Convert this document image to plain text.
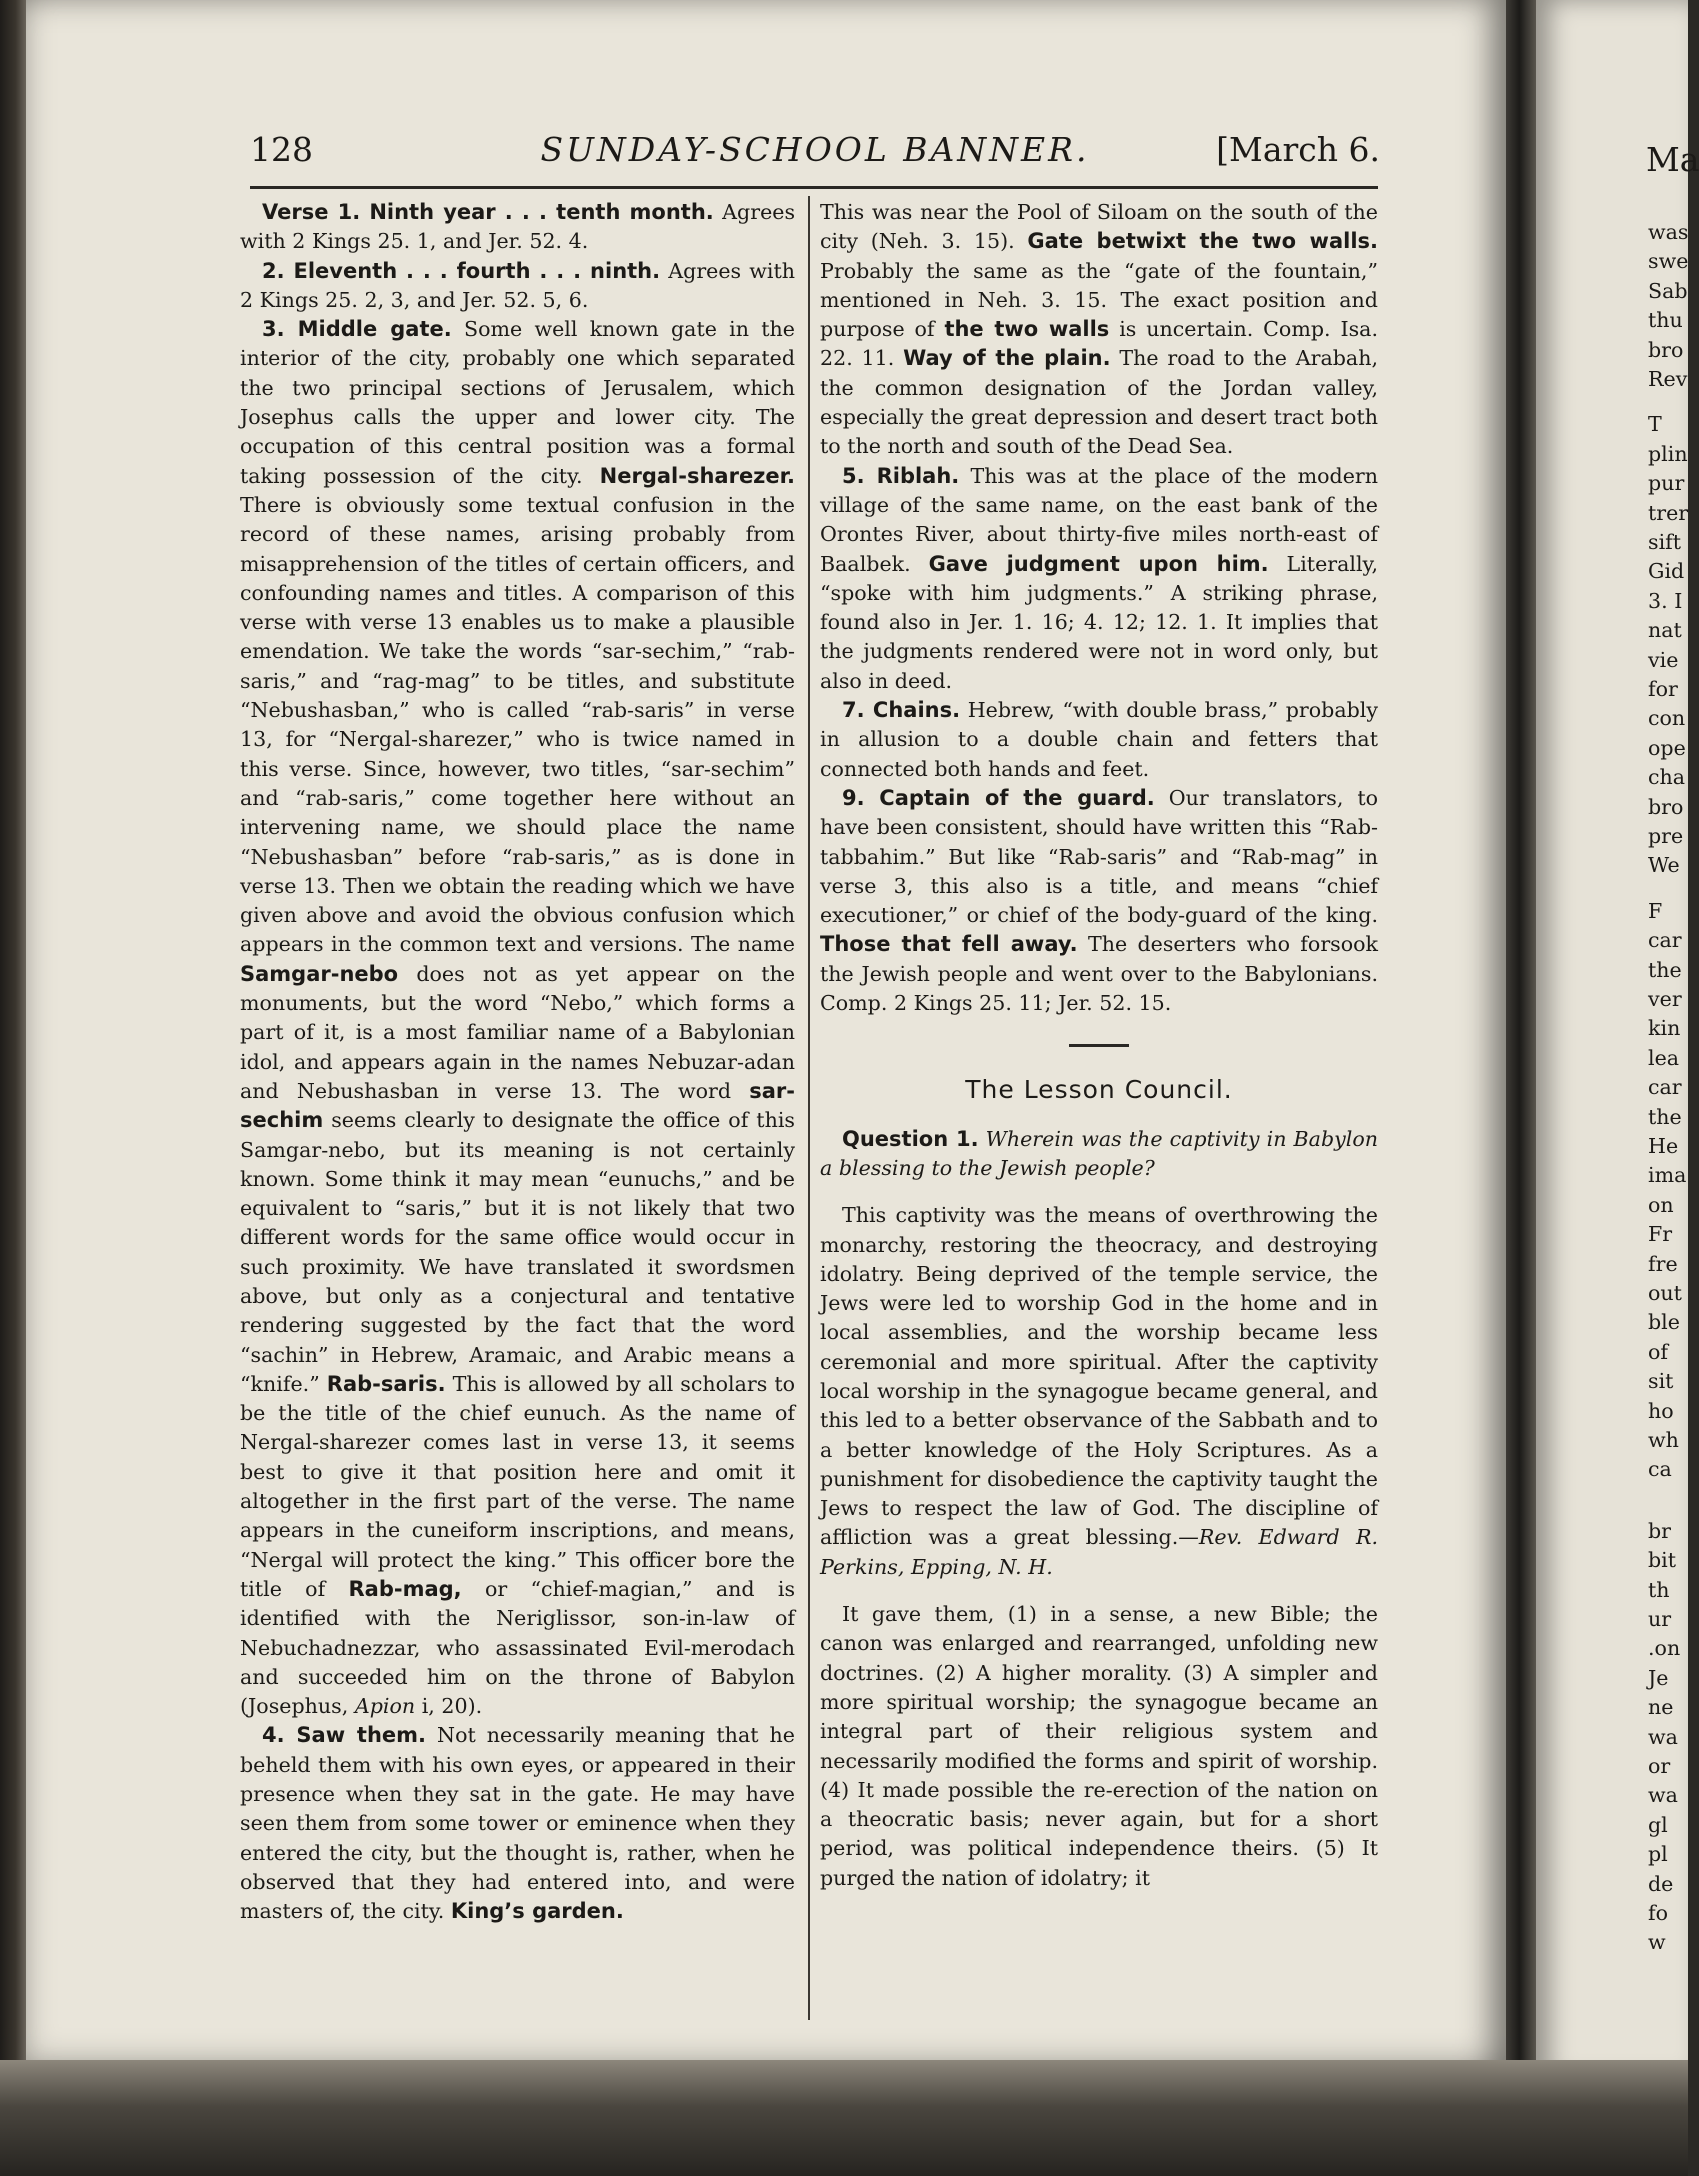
128	SUNDAY-SCHOOL BANNER.	[March 6.

Verse 1. Ninth year . . . tenth month. Agrees with 2 Kings 25. 1, and Jer. 52. 4.

2. Eleventh . . . fourth . . . ninth. Agrees with 2 Kings 25. 2, 3, and Jer. 52. 5, 6.

3. Middle gate. Some well known gate in the interior of the city, probably one which separated the two principal sections of Jerusalem, which Josephus calls the upper and lower city. The occupation of this central position was a formal taking possession of the city. Nergal-sharezer. There is obviously some textual confusion in the record of these names, arising probably from misapprehension of the titles of certain officers, and confounding names and titles. A comparison of this verse with verse 13 enables us to make a plausible emendation. We take the words “sar-sechim,” “rab-saris,” and “rag-mag” to be titles, and substitute “Nebushasban,” who is called “rab-saris” in verse 13, for “Nergal-sharezer,” who is twice named in this verse. Since, however, two titles, “sar-sechim” and “rab-saris,” come together here without an intervening name, we should place the name “Nebushasban” before “rab-saris,” as is done in verse 13. Then we obtain the reading which we have given above and avoid the obvious confusion which appears in the common text and versions. The name Samgar-nebo does not as yet appear on the monuments, but the word “Nebo,” which forms a part of it, is a most familiar name of a Babylonian idol, and appears again in the names Nebuzar-adan and Nebushasban in verse 13. The word sar-sechim seems clearly to designate the office of this Samgar-nebo, but its meaning is not certainly known. Some think it may mean “eunuchs,” and be equivalent to “saris,” but it is not likely that two different words for the same office would occur in such proximity. We have translated it swordsmen above, but only as a conjectural and tentative rendering suggested by the fact that the word “sachin” in Hebrew, Aramaic, and Arabic means a “knife.” Rab-saris. This is allowed by all scholars to be the title of the chief eunuch. As the name of Nergal-sharezer comes last in verse 13, it seems best to give it that position here and omit it altogether in the first part of the verse. The name appears in the cuneiform inscriptions, and means, “Nergal will protect the king.” This officer bore the title of Rab-mag, or “chief-magian,” and is identified with the Neriglissor, son-in-law of Nebuchadnezzar, who assassinated Evil-merodach and succeeded him on the throne of Babylon (Josephus, Apion i, 20).

4. Saw them. Not necessarily meaning that he beheld them with his own eyes, or appeared in their presence when they sat in the gate. He may have seen them from some tower or eminence when they entered the city, but the thought is, rather, when he observed that they had entered into, and were masters of, the city. King’s garden.

This was near the Pool of Siloam on the south of the city (Neh. 3. 15). Gate betwixt the two walls. Probably the same as the “gate of the fountain,” mentioned in Neh. 3. 15. The exact position and purpose of the two walls is uncertain. Comp. Isa. 22. 11. Way of the plain. The road to the Arabah, the common designation of the Jordan valley, especially the great depression and desert tract both to the north and south of the Dead Sea.

5. Riblah. This was at the place of the modern village of the same name, on the east bank of the Orontes River, about thirty-five miles north-east of Baalbek. Gave judgment upon him. Literally, “spoke with him judgments.” A striking phrase, found also in Jer. 1. 16; 4. 12; 12. 1. It implies that the judgments rendered were not in word only, but also in deed.

7. Chains. Hebrew, “with double brass,” probably in allusion to a double chain and fetters that connected both hands and feet.

9. Captain of the guard. Our translators, to have been consistent, should have written this “Rab-tabbahim.” But like “Rab-saris” and “Rab-mag” in verse 3, this also is a title, and means “chief executioner,” or chief of the body-guard of the king. Those that fell away. The deserters who forsook the Jewish people and went over to the Babylonians. Comp. 2 Kings 25. 11; Jer. 52. 15.

The Lesson Council.

Question 1. Wherein was the captivity in Babylon a blessing to the Jewish people?

This captivity was the means of overthrowing the monarchy, restoring the theocracy, and destroying idolatry. Being deprived of the temple service, the Jews were led to worship God in the home and in local assemblies, and the worship became less ceremonial and more spiritual. After the captivity local worship in the synagogue became general, and this led to a better observance of the Sabbath and to a better knowledge of the Holy Scriptures. As a punishment for disobedience the captivity taught the Jews to respect the law of God. The discipline of affliction was a great blessing.—Rev. Edward R. Perkins, Epping, N. H.

It gave them, (1) in a sense, a new Bible; the canon was enlarged and rearranged, unfolding new doctrines. (2) A higher morality. (3) A simpler and more spiritual worship; the synagogue became an integral part of their religious system and necessarily modified the forms and spirit of worship. (4) It made possible the re-erection of the nation on a theocratic basis; never again, but for a short period, was political independence theirs. (5) It purged the nation of idolatry; it

Ma
was
swe
Sab
thu
bro
Rev
T
plin
pur
trer
sift
Gid
3. I
nat
vie
for
con
ope
cha
bro
pre
We
F
car
the
ver
kin
lea
car
the
He
ima
on
Fr
fre
out
ble
of
sit
ho
wh
ca
br
bit
th
ur
.on
Je
ne
wa
or
wa
gl
pl
de
fo
w
